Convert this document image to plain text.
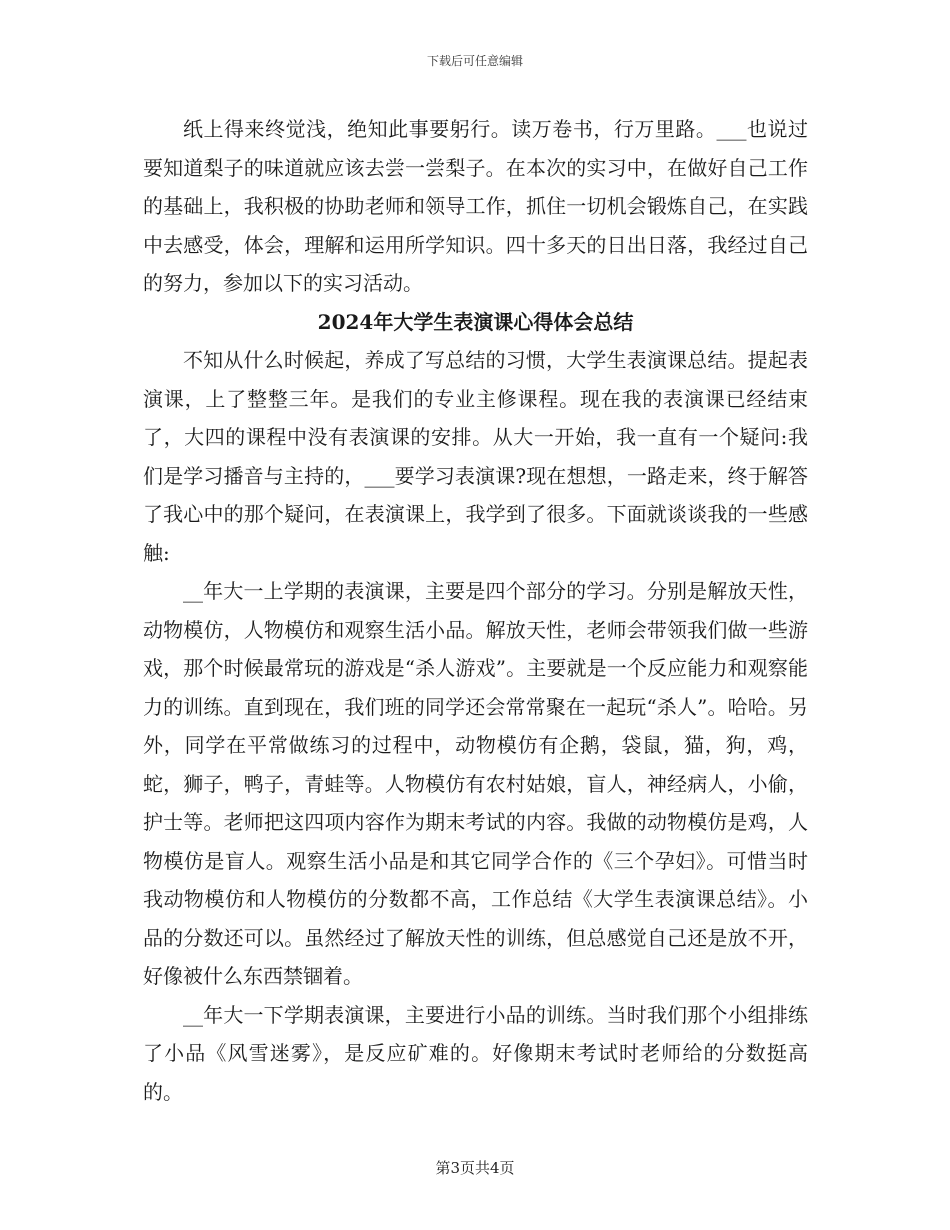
下载后可任意编辑

纸上得来终觉浅，绝知此事要躬行。读万卷书，行万里路。___也说过要知道梨子的味道就应该去尝一尝梨子。在本次的实习中，在做好自己工作的基础上，我积极的协助老师和领导工作，抓住一切机会锻炼自己，在实践中去感受，体会，理解和运用所学知识。四十多天的日出日落，我经过自己的努力，参加以下的实习活动。

2024年大学生表演课心得体会总结

不知从什么时候起，养成了写总结的习惯，大学生表演课总结。提起表演课，上了整整三年。是我们的专业主修课程。现在我的表演课已经结束了，大四的课程中没有表演课的安排。从大一开始，我一直有一个疑问:我们是学习播音与主持的，___要学习表演课?现在想想，一路走来，终于解答了我心中的那个疑问，在表演课上，我学到了很多。下面就谈谈我的一些感触:

__年大一上学期的表演课，主要是四个部分的学习。分别是解放天性，动物模仿，人物模仿和观察生活小品。解放天性，老师会带领我们做一些游戏，那个时候最常玩的游戏是“杀人游戏”。主要就是一个反应能力和观察能力的训练。直到现在，我们班的同学还会常常聚在一起玩“杀人”。哈哈。另外，同学在平常做练习的过程中，动物模仿有企鹅，袋鼠，猫，狗，鸡，蛇，狮子，鸭子，青蛙等。人物模仿有农村姑娘，盲人，神经病人，小偷，护士等。老师把这四项内容作为期末考试的内容。我做的动物模仿是鸡，人物模仿是盲人。观察生活小品是和其它同学合作的《三个孕妇》。可惜当时我动物模仿和人物模仿的分数都不高，工作总结《大学生表演课总结》。小品的分数还可以。虽然经过了解放天性的训练，但总感觉自己还是放不开，好像被什么东西禁锢着。

__年大一下学期表演课，主要进行小品的训练。当时我们那个小组排练了小品《风雪迷雾》，是反应矿难的。好像期末考试时老师给的分数挺高的。

第3页共4页
